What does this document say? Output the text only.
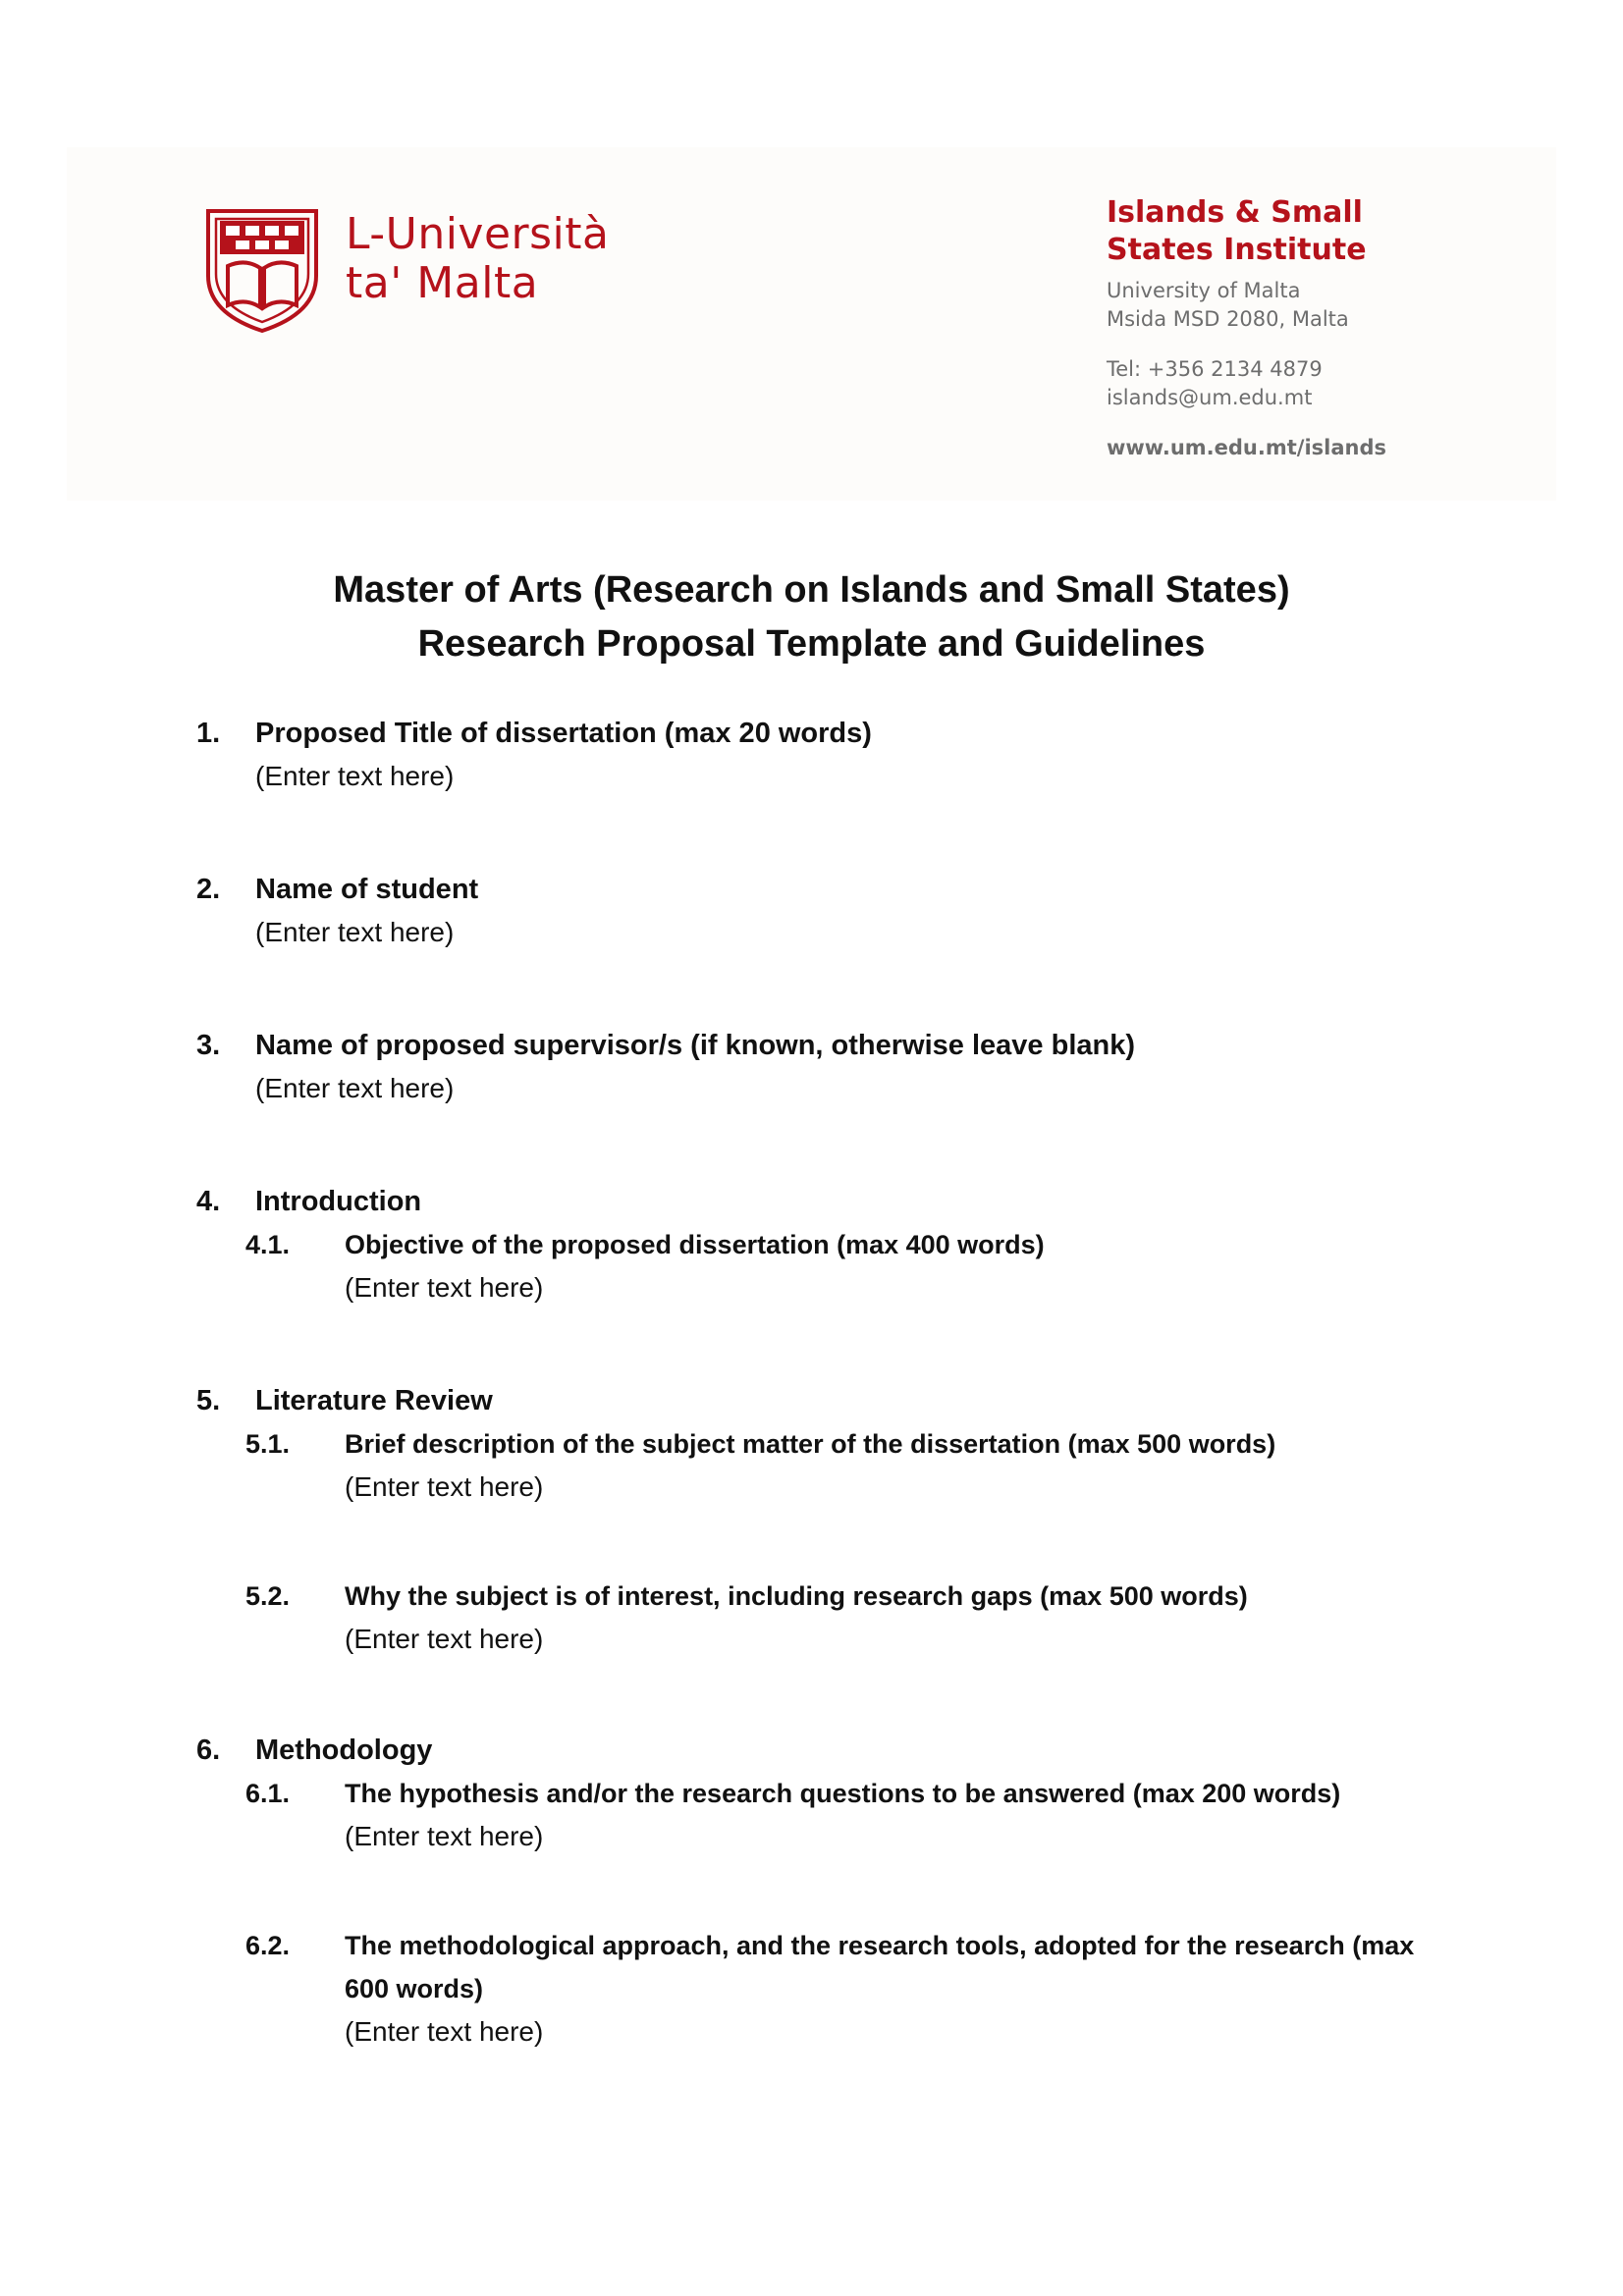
L-Università
ta' Malta
Islands & Small
States Institute
University of Malta
Msida MSD 2080, Malta
Tel: +356 2134 4879
islands@um.edu.mt
www.um.edu.mt/islands
Master of Arts (Research on Islands and Small States)
Research Proposal Template and Guidelines
1.	Proposed Title of dissertation (max 20 words)
(Enter text here)
2.	Name of student
(Enter text here)
3.	Name of proposed supervisor/s (if known, otherwise leave blank)
(Enter text here)
4.	Introduction
4.1.	Objective of the proposed dissertation (max 400 words)
(Enter text here)
5.	Literature Review
5.1.	Brief description of the subject matter of the dissertation (max 500 words)
(Enter text here)
5.2.	Why the subject is of interest, including research gaps (max 500 words)
(Enter text here)
6.	Methodology
6.1.	The hypothesis and/or the research questions to be answered (max 200 words)
(Enter text here)
6.2.	The methodological approach, and the research tools, adopted for the research (max 600 words)
(Enter text here)
